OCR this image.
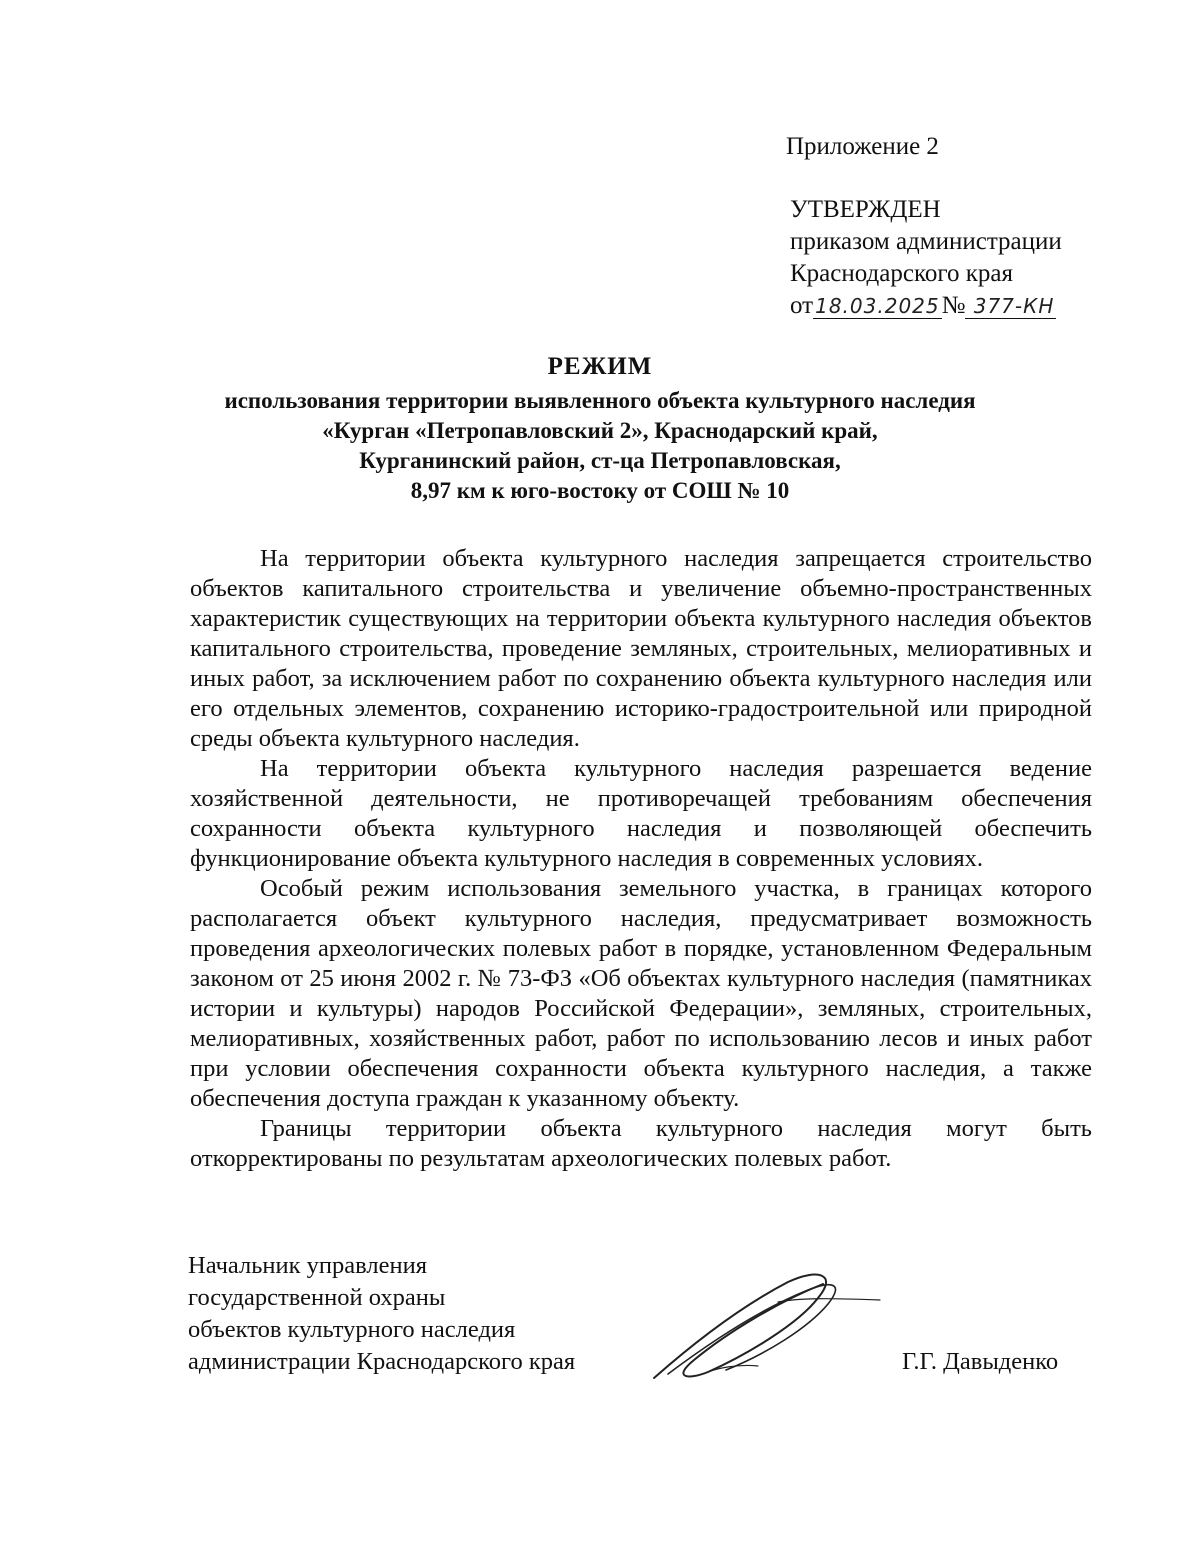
Приложение 2
УТВЕРЖДЕН
приказом администрации
Краснодарского края
от 18.03.2025№ 377-КН
РЕЖИМ
использования территории выявленного объекта культурного наследия
«Курган «Петропавловский 2», Краснодарский край,
Курганинский район, ст-ца Петропавловская,
8,97 км к юго-востоку от СОШ № 10

На территории объекта культурного наследия запрещается строительство объектов капитального строительства и увеличение объемно-пространственных характеристик существующих на территории объекта культурного наследия объектов капитального строительства, проведение земляных, строительных, мелиоративных и иных работ, за исключением работ по сохранению объекта культурного наследия или его отдельных элементов, сохранению историко-градостроительной или природной среды объекта культурного наследия.

На территории объекта культурного наследия разрешается ведение хозяйственной деятельности, не противоречащей требованиям обеспечения сохранности объекта культурного наследия и позволяющей обеспечить функционирование объекта культурного наследия в современных условиях.

Особый режим использования земельного участка, в границах которого располагается объект культурного наследия, предусматривает возможность проведения археологических полевых работ в порядке, установленном Федеральным законом от 25 июня 2002 г. № 73-ФЗ «Об объектах культурного наследия (памятниках истории и культуры) народов Российской Федерации», земляных, строительных, мелиоративных, хозяйственных работ, работ по использованию лесов и иных работ при условии обеспечения сохранности объекта культурного наследия, а также обеспечения доступа граждан к указанному объекту.

Границы территории объекта культурного наследия могут быть откорректированы по результатам археологических полевых работ.

Начальник управления
государственной охраны
объектов культурного наследия
администрации Краснодарского края	Г.Г. Давыденко
